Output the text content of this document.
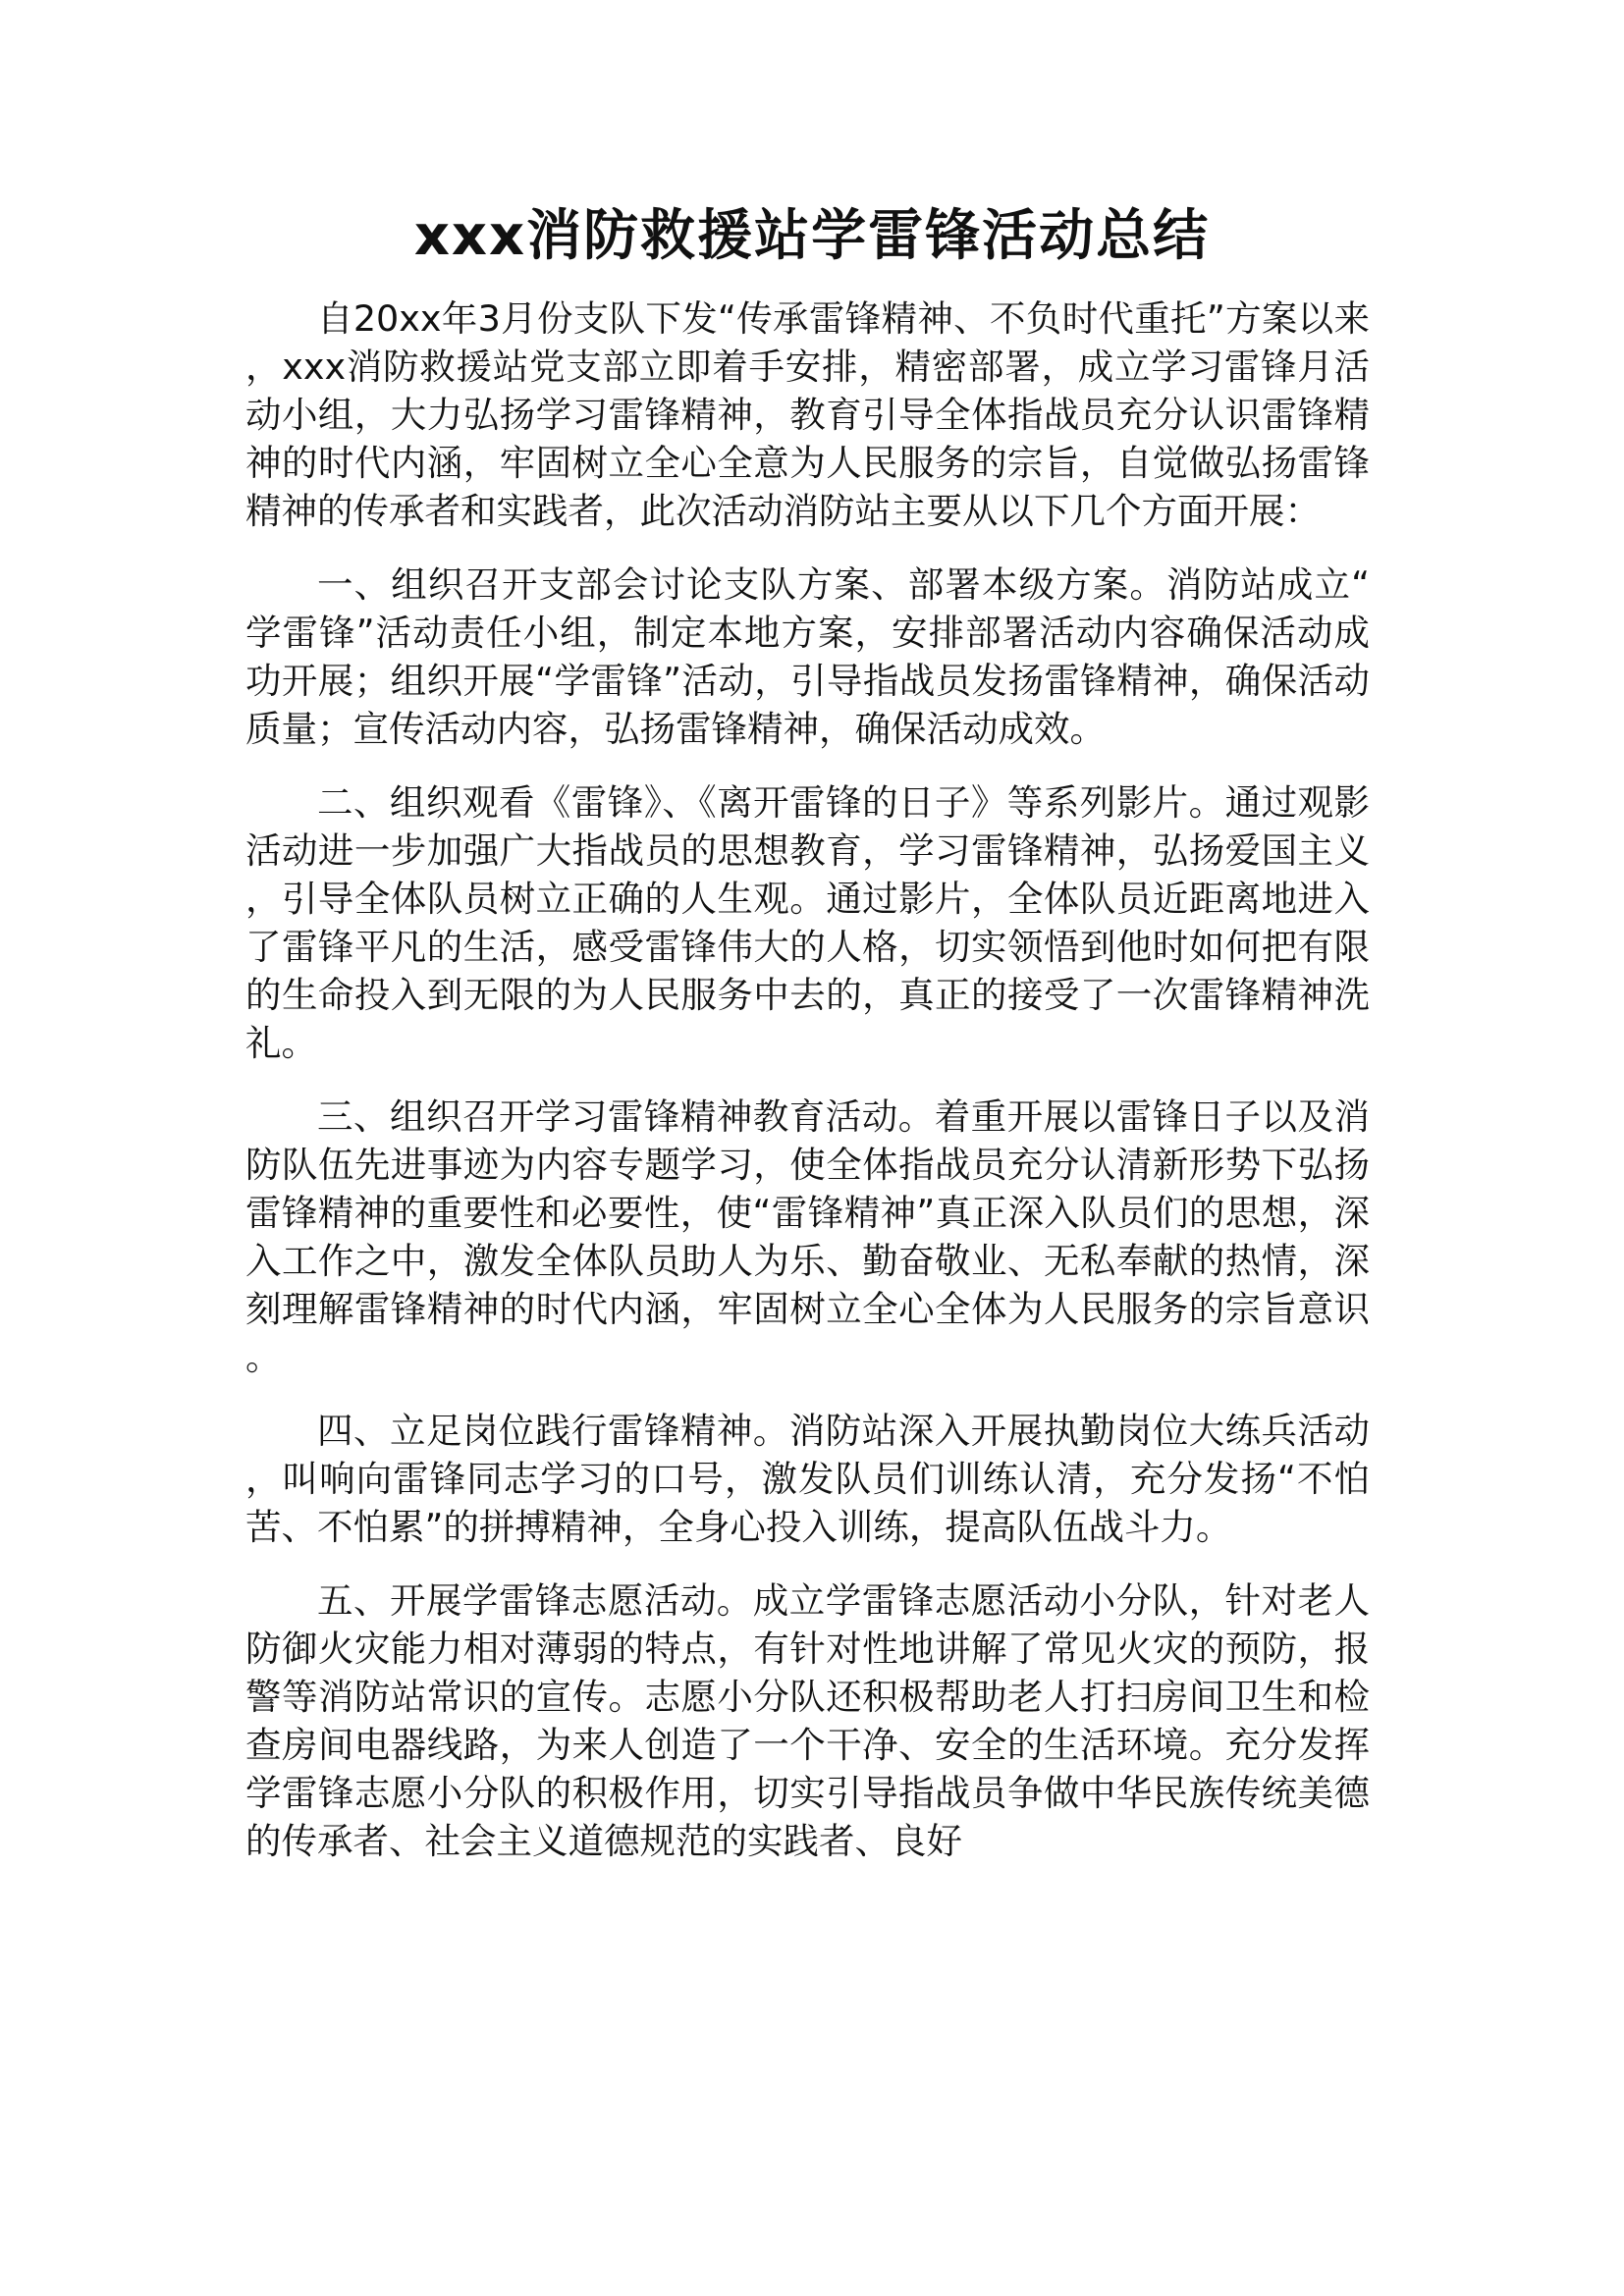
xxx消防救援站学雷锋活动总结

自20xx年3月份支队下发“传承雷锋精神、不负时代重托”方案以来，xxx消防救援站党支部立即着手安排，精密部署，成立学习雷锋月活动小组，大力弘扬学习雷锋精神，教育引导全体指战员充分认识雷锋精神的时代内涵，牢固树立全心全意为人民服务的宗旨，自觉做弘扬雷锋精神的传承者和实践者，此次活动消防站主要从以下几个方面开展：

一、组织召开支部会讨论支队方案、部署本级方案。消防站成立“学雷锋”活动责任小组，制定本地方案，安排部署活动内容确保活动成功开展；组织开展“学雷锋”活动，引导指战员发扬雷锋精神，确保活动质量；宣传活动内容，弘扬雷锋精神，确保活动成效。

二、组织观看《雷锋》、《离开雷锋的日子》等系列影片。通过观影活动进一步加强广大指战员的思想教育，学习雷锋精神，弘扬爱国主义，引导全体队员树立正确的人生观。通过影片，全体队员近距离地进入了雷锋平凡的生活，感受雷锋伟大的人格，切实领悟到他时如何把有限的生命投入到无限的为人民服务中去的，真正的接受了一次雷锋精神洗礼。

三、组织召开学习雷锋精神教育活动。着重开展以雷锋日子以及消防队伍先进事迹为内容专题学习，使全体指战员充分认清新形势下弘扬雷锋精神的重要性和必要性，使“雷锋精神”真正深入队员们的思想，深入工作之中，激发全体队员助人为乐、勤奋敬业、无私奉献的热情，深刻理解雷锋精神的时代内涵，牢固树立全心全体为人民服务的宗旨意识。

四、立足岗位践行雷锋精神。消防站深入开展执勤岗位大练兵活动，叫响向雷锋同志学习的口号，激发队员们训练认清，充分发扬“不怕苦、不怕累”的拼搏精神，全身心投入训练，提高队伍战斗力。

五、开展学雷锋志愿活动。成立学雷锋志愿活动小分队，针对老人防御火灾能力相对薄弱的特点，有针对性地讲解了常见火灾的预防，报警等消防站常识的宣传。志愿小分队还积极帮助老人打扫房间卫生和检查房间电器线路，为来人创造了一个干净、安全的生活环境。充分发挥学雷锋志愿小分队的积极作用，切实引导指战员争做中华民族传统美德的传承者、社会主义道德规范的实践者、良好
